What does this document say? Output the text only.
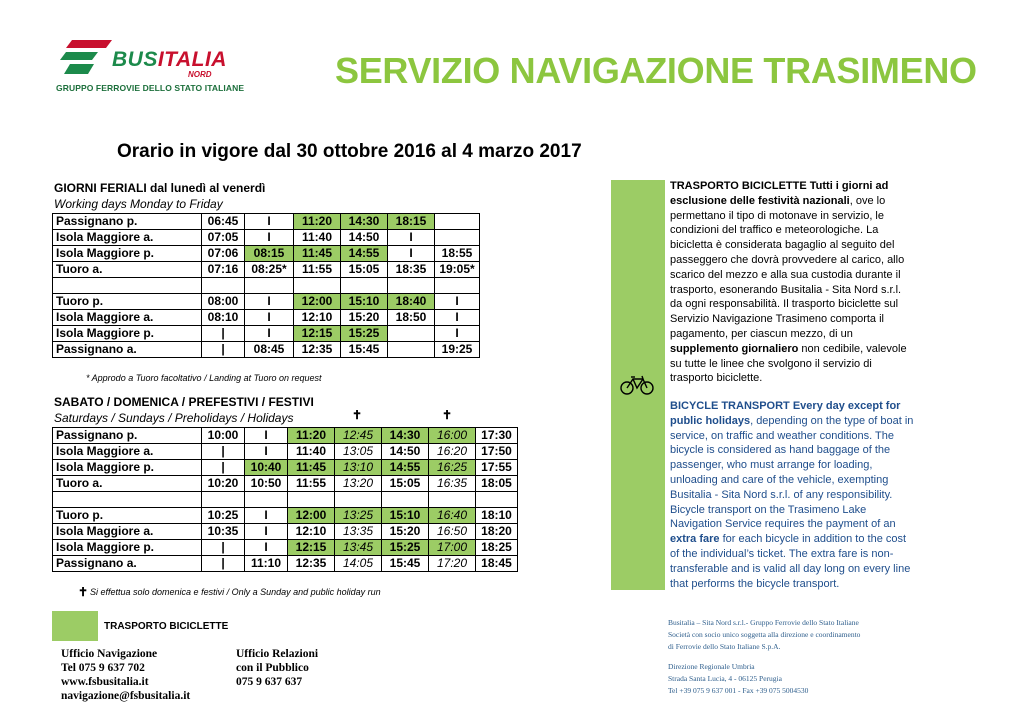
BUSITALIA
NORD
GRUPPO FERROVIE DELLO STATO ITALIANE	SERVIZIO NAVIGAZIONE TRASIMENO
Orario in vigore dal 30 ottobre 2016 al 4 marzo 2017
GIORNI FERIALI dal lunedì al venerdì
Working days Monday to Friday
Passignano p.	06:45	I	11:20	14:30	18:15	
Isola Maggiore a.	07:05	I	11:40	14:50	I	
Isola Maggiore p.	07:06	08:15	11:45	14:55	I	18:55
Tuoro a.	07:16	08:25*	11:55	15:05	18:35	19:05*

Tuoro p.	08:00	I	12:00	15:10	18:40	I
Isola Maggiore a.	08:10	I	12:10	15:20	18:50	I
Isola Maggiore p.	|	I	12:15	15:25		I
Passignano a.	|	08:45	12:35	15:45		19:25
* Approdo a Tuoro facoltativo / Landing at Tuoro on request
SABATO / DOMENICA / PREFESTIVI / FESTIVI
Saturdays / Sundays / Preholidays / Holidays	✝	✝
Passignano p.	10:00	I	11:20	12:45	14:30	16:00	17:30
Isola Maggiore a.	|	I	11:40	13:05	14:50	16:20	17:50
Isola Maggiore p.	|	10:40	11:45	13:10	14:55	16:25	17:55
Tuoro a.	10:20	10:50	11:55	13:20	15:05	16:35	18:05

Tuoro p.	10:25	I	12:00	13:25	15:10	16:40	18:10
Isola Maggiore a.	10:35	I	12:10	13:35	15:20	16:50	18:20
Isola Maggiore p.	|	I	12:15	13:45	15:25	17:00	18:25
Passignano a.	|	11:10	12:35	14:05	15:45	17:20	18:45
✝ Si effettua solo domenica e festivi / Only a Sunday and public holiday run
TRASPORTO BICICLETTE
Ufficio Navigazione
Tel 075 9 637 702
www.fsbusitalia.it
navigazione@fsbusitalia.it
Ufficio Relazioni
con il Pubblico
075 9 637 637
TRASPORTO BICICLETTE Tutti i giorni ad esclusione delle festività nazionali, ove lo permettano il tipo di motonave in servizio, le condizioni del traffico e meteorologiche. La bicicletta è considerata bagaglio al seguito del passeggero che dovrà provvedere al carico, allo scarico del mezzo e alla sua custodia durante il trasporto, esonerando Busitalia - Sita Nord s.r.l. da ogni responsabilità. Il trasporto biciclette sul Servizio Navigazione Trasimeno comporta il pagamento, per ciascun mezzo, di un supplemento giornaliero non cedibile, valevole su tutte le linee che svolgono il servizio di trasporto biciclette.
BICYCLE TRANSPORT Every day except for public holidays, depending on the type of boat in service, on traffic and weather conditions. The bicycle is considered as hand baggage of the passenger, who must arrange for loading, unloading and care of the vehicle, exempting Busitalia - Sita Nord s.r.l. of any responsibility. Bicycle transport on the Trasimeno Lake Navigation Service requires the payment of an extra fare for each bicycle in addition to the cost of the individual’s ticket. The extra fare is non-transferable and is valid all day long on every line that performs the bicycle transport.
Busitalia – Sita Nord s.r.l.- Gruppo Ferrovie dello Stato Italiane
Società con socio unico soggetta alla direzione e coordinamento
di Ferrovie dello Stato Italiane S.p.A.
Direzione Regionale Umbria
Strada Santa Lucia, 4 - 06125 Perugia
Tel +39 075 9 637 001 - Fax +39 075 5004530
